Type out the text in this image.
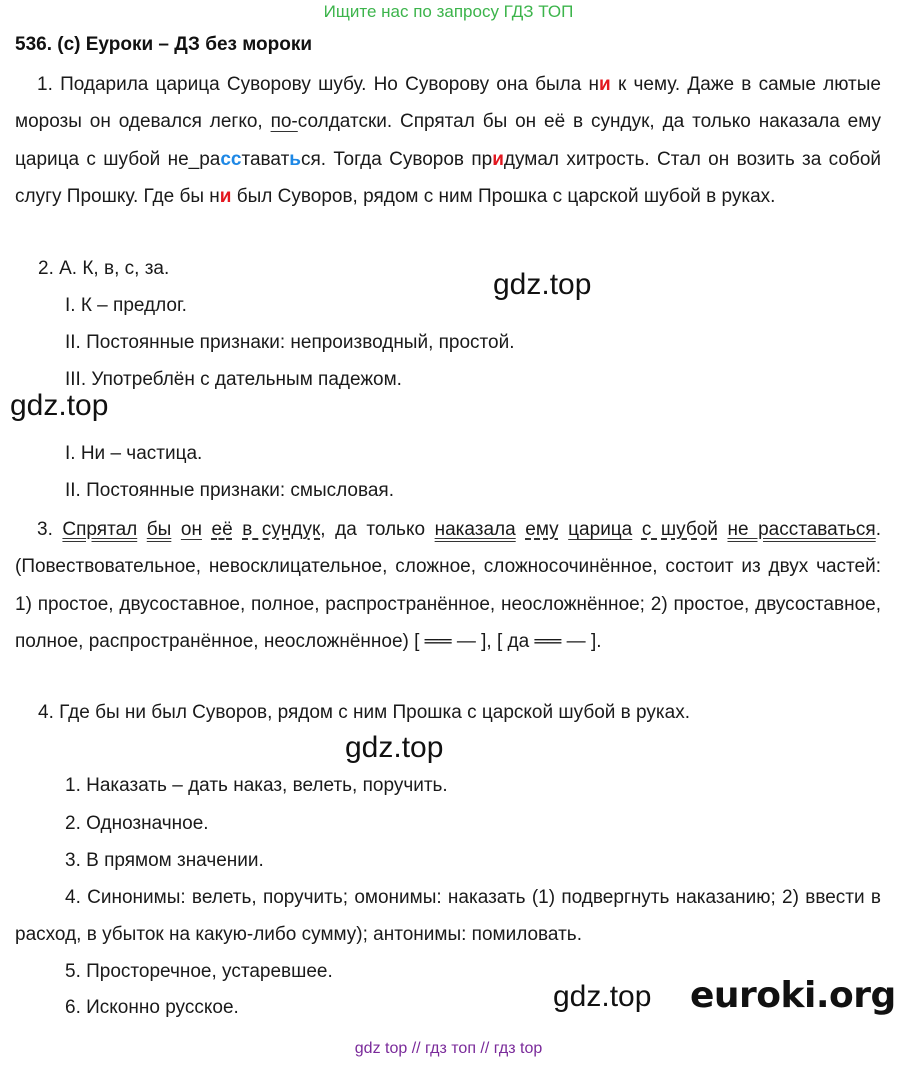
Ищите нас по запросу ГДЗ ТОП
536. (с) Еуроки – ДЗ без мороки
1. Подарила царица Суворову шубу. Но Суворову она была ни к чему. Даже в самые лютые морозы он одевался легко, по-солдатски. Спрятал бы он её в сундук, да только наказала ему царица с шубой не_расставаться. Тогда Суворов придумал хитрость. Стал он возить за собой слугу Прошку. Где бы ни был Суворов, рядом с ним Прошка с царской шубой в руках.
2. А. К, в, с, за.
I. К – предлог.
II. Постоянные признаки: непроизводный, простой.
III. Употреблён с дательным падежом.
I. Ни – частица.
II. Постоянные признаки: смысловая.
3. Спрятал бы он её в сундук, да только наказала ему царица с шубой не расставаться. (Повествовательное, невосклицательное, сложное, сложносочинённое, состоит из двух частей: 1) простое, двусоставное, полное, распространённое, неосложнённое; 2) простое, двусоставное, полное, распространённое, неосложнённое) [ ══ — ], [ да ══ — ].
4. Где бы ни был Суворов, рядом с ним Прошка с царской шубой в руках.
1. Наказать – дать наказ, велеть, поручить.
2. Однозначное.
3. В прямом значении.
4. Синонимы: велеть, поручить; омонимы: наказать (1) подвергнуть наказанию; 2) ввести в расход, в убыток на какую-либо сумму); антонимы: помиловать.
5. Просторечное, устаревшее.
6. Исконно русское.
gdz.top
gdz.top
gdz.top
gdz.top euroki.org
gdz top // гдз топ // гдз top
